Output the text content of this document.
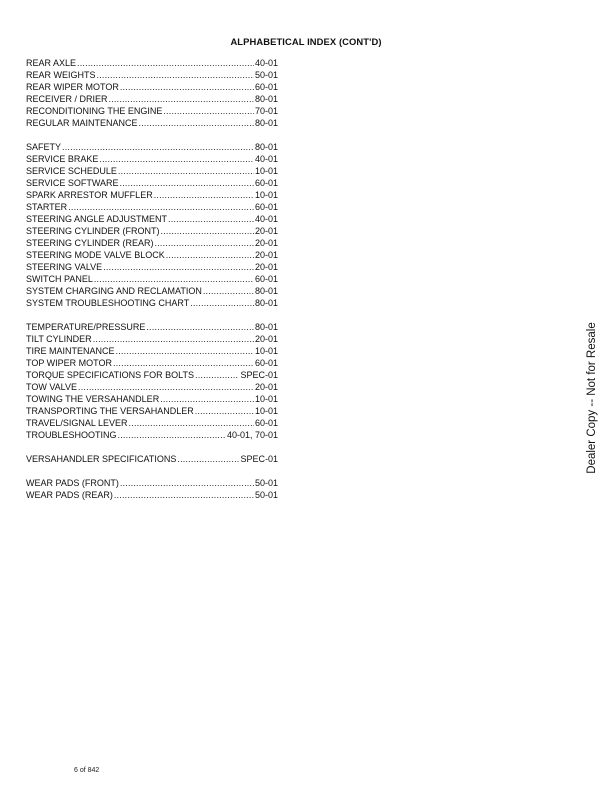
ALPHABETICAL INDEX (CONT'D)
REAR AXLE .....	40-01
REAR WEIGHTS .....	50-01
REAR WIPER MOTOR .....	60-01
RECEIVER / DRIER .....	80-01
RECONDITIONING THE ENGINE .....	70-01
REGULAR MAINTENANCE .....	80-01
SAFETY .....	80-01
SERVICE BRAKE .....	40-01
SERVICE SCHEDULE .....	10-01
SERVICE SOFTWARE .....	60-01
SPARK ARRESTOR MUFFLER .....	10-01
STARTER .....	60-01
STEERING ANGLE ADJUSTMENT .....	40-01
STEERING CYLINDER (FRONT) .....	20-01
STEERING CYLINDER (REAR) .....	20-01
STEERING MODE VALVE BLOCK .....	20-01
STEERING VALVE .....	20-01
SWITCH PANEL .....	60-01
SYSTEM CHARGING AND RECLAMATION .....	80-01
SYSTEM TROUBLESHOOTING CHART .....	80-01
TEMPERATURE/PRESSURE .....	80-01
TILT CYLINDER .....	20-01
TIRE MAINTENANCE .....	10-01
TOP WIPER MOTOR .....	60-01
TORQUE SPECIFICATIONS FOR BOLTS .....	SPEC-01
TOW VALVE .....	20-01
TOWING THE VERSAHANDLER .....	10-01
TRANSPORTING THE VERSAHANDLER .....	10-01
TRAVEL/SIGNAL LEVER .....	60-01
TROUBLESHOOTING .....	40-01, 70-01
VERSAHANDLER SPECIFICATIONS .....	SPEC-01
WEAR PADS (FRONT) .....	50-01
WEAR PADS (REAR) .....	50-01
Dealer Copy -- Not for Resale
6 of 842
